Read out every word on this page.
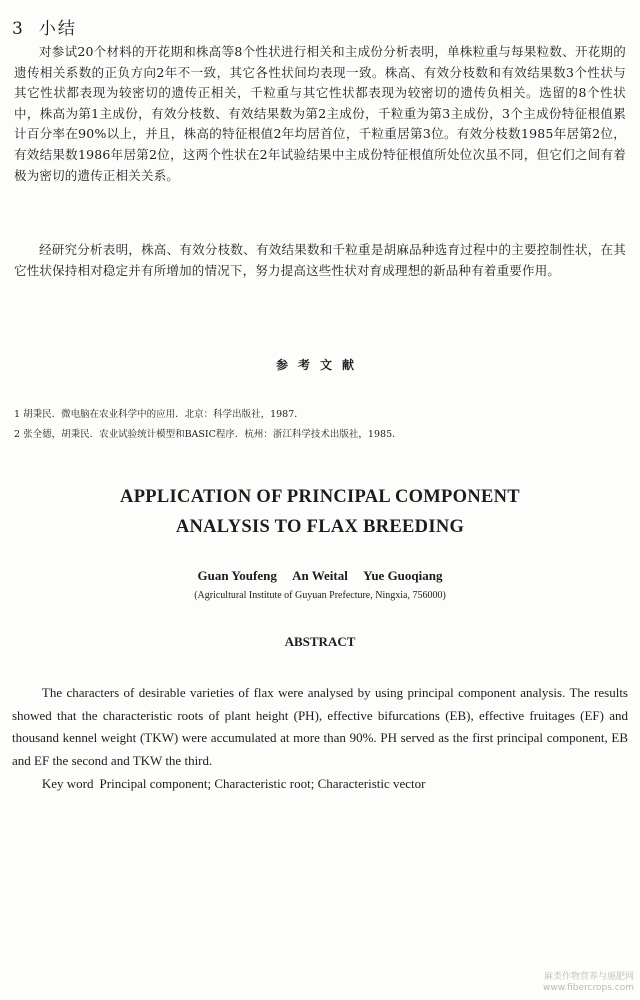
3 小结

对参试20个材料的开花期和株高等8个性状进行相关和主成份分析表明，单株粒重与每果粒数、开花期的遗传相关系数的正负方向2年不一致，其它各性状间均表现一致。株高、有效分枝数和有效结果数3个性状与其它性状都表现为较密切的遗传正相关，千粒重与其它性状都表现为较密切的遗传负相关。选留的8个性状中，株高为第1主成份，有效分枝数、有效结果数为第2主成份，千粒重为第3主成份，3个主成份特征根值累计百分率在90%以上，并且，株高的特征根值2年均居首位，千粒重居第3位。有效分枝数1985年居第2位，有效结果数1986年居第2位，这两个性状在2年试验结果中主成份特征根值所处位次虽不同，但它们之间有着极为密切的遗传正相关关系。

经研究分析表明，株高、有效分枝数、有效结果数和千粒重是胡麻品种选育过程中的主要控制性状，在其它性状保持相对稳定并有所增加的情况下，努力提高这些性状对育成理想的新品种有着重要作用。

参考文献
1 胡秉民．微电脑在农业科学中的应用．北京：科学出版社，1987．
2 张全德，胡秉民．农业试验统计模型和BASIC程序．杭州：浙江科学技术出版社，1985．
APPLICATION OF PRINCIPAL COMPONENT
ANALYSIS TO FLAX BREEDING
Guan Youfeng An Weital Yue Guoqiang
(Agricultural Institute of Guyuan Prefecture, Ningxia, 756000)
ABSTRACT

The characters of desirable varieties of flax were analysed by using principal component analysis. The results showed that the characteristic roots of plant height (PH), effective bifurcations (EB), effective fruitages (EF) and thousand kennel weight (TKW) were accumulated at more than 90%. PH served as the first principal component, EB and EF the second and TKW the third.

Key word Principal component; Characteristic root; Characteristic vector
麻类作物营养与施肥网
www.fibercrops.com
